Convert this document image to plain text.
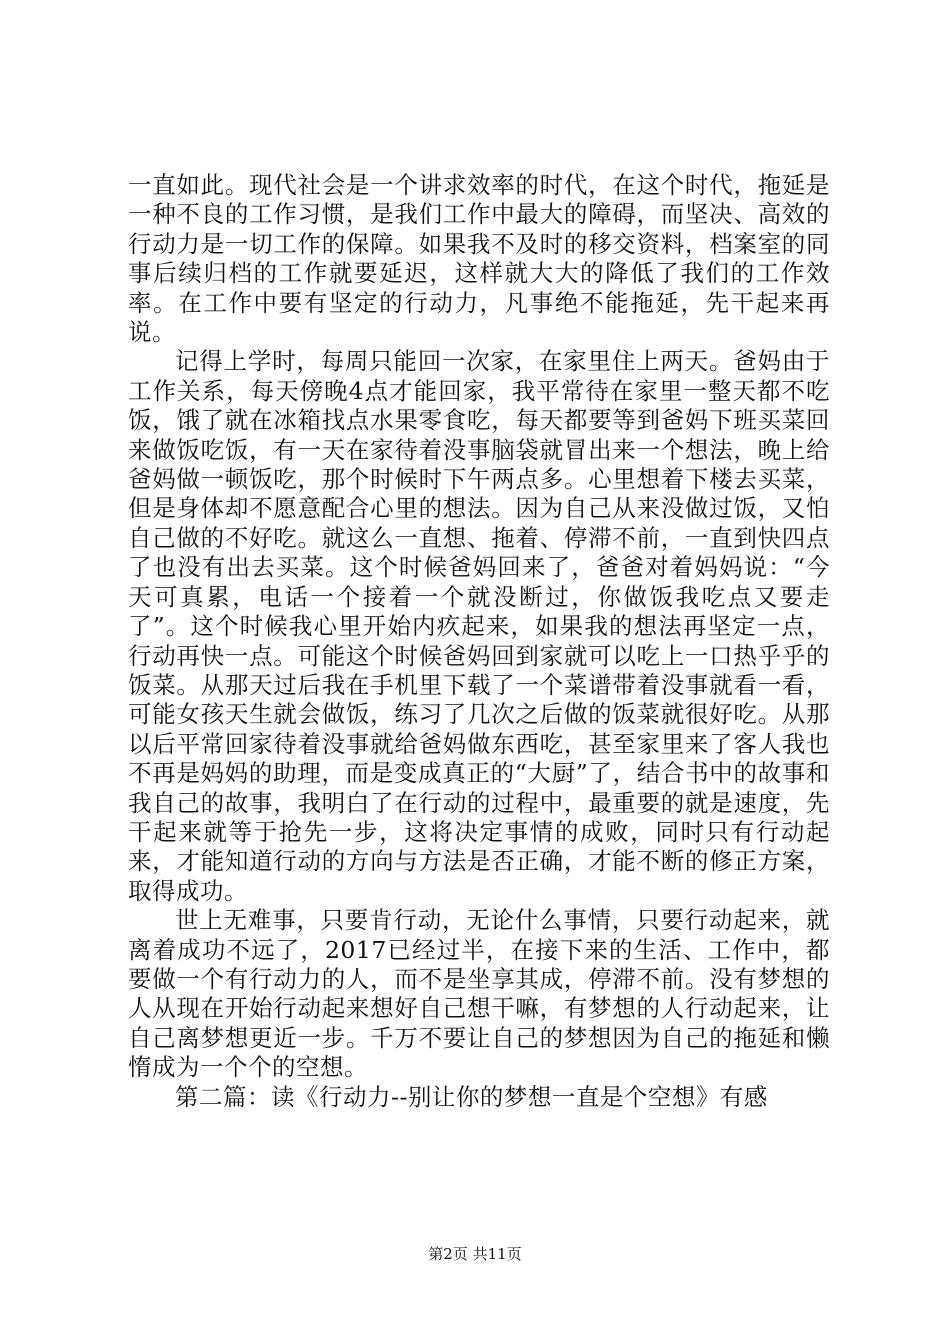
一直如此。现代社会是一个讲求效率的时代，在这个时代，拖延是一种不良的工作习惯，是我们工作中最大的障碍，而坚决、高效的行动力是一切工作的保障。如果我不及时的移交资料，档案室的同事后续归档的工作就要延迟，这样就大大的降低了我们的工作效率。在工作中要有坚定的行动力，凡事绝不能拖延，先干起来再说。

记得上学时，每周只能回一次家，在家里住上两天。爸妈由于工作关系，每天傍晚4点才能回家，我平常待在家里一整天都不吃饭，饿了就在冰箱找点水果零食吃，每天都要等到爸妈下班买菜回来做饭吃饭，有一天在家待着没事脑袋就冒出来一个想法，晚上给爸妈做一顿饭吃，那个时候时下午两点多。心里想着下楼去买菜，但是身体却不愿意配合心里的想法。因为自己从来没做过饭，又怕自己做的不好吃。就这么一直想、拖着、停滞不前，一直到快四点了也没有出去买菜。这个时候爸妈回来了，爸爸对着妈妈说：“今天可真累，电话一个接着一个就没断过，你做饭我吃点又要走了”。这个时候我心里开始内疚起来，如果我的想法再坚定一点，行动再快一点。可能这个时候爸妈回到家就可以吃上一口热乎乎的饭菜。从那天过后我在手机里下载了一个菜谱带着没事就看一看，可能女孩天生就会做饭，练习了几次之后做的饭菜就很好吃。从那以后平常回家待着没事就给爸妈做东西吃，甚至家里来了客人我也不再是妈妈的助理，而是变成真正的“大厨”了，结合书中的故事和我自己的故事，我明白了在行动的过程中，最重要的就是速度，先干起来就等于抢先一步，这将决定事情的成败，同时只有行动起来，才能知道行动的方向与方法是否正确，才能不断的修正方案，取得成功。

世上无难事，只要肯行动，无论什么事情，只要行动起来，就离着成功不远了，2017已经过半，在接下来的生活、工作中，都要做一个有行动力的人，而不是坐享其成，停滞不前。没有梦想的人从现在开始行动起来想好自己想干嘛，有梦想的人行动起来，让自己离梦想更近一步。千万不要让自己的梦想因为自己的拖延和懒惰成为一个个的空想。

第二篇：读《行动力--别让你的梦想一直是个空想》有感

第2页 共11页
